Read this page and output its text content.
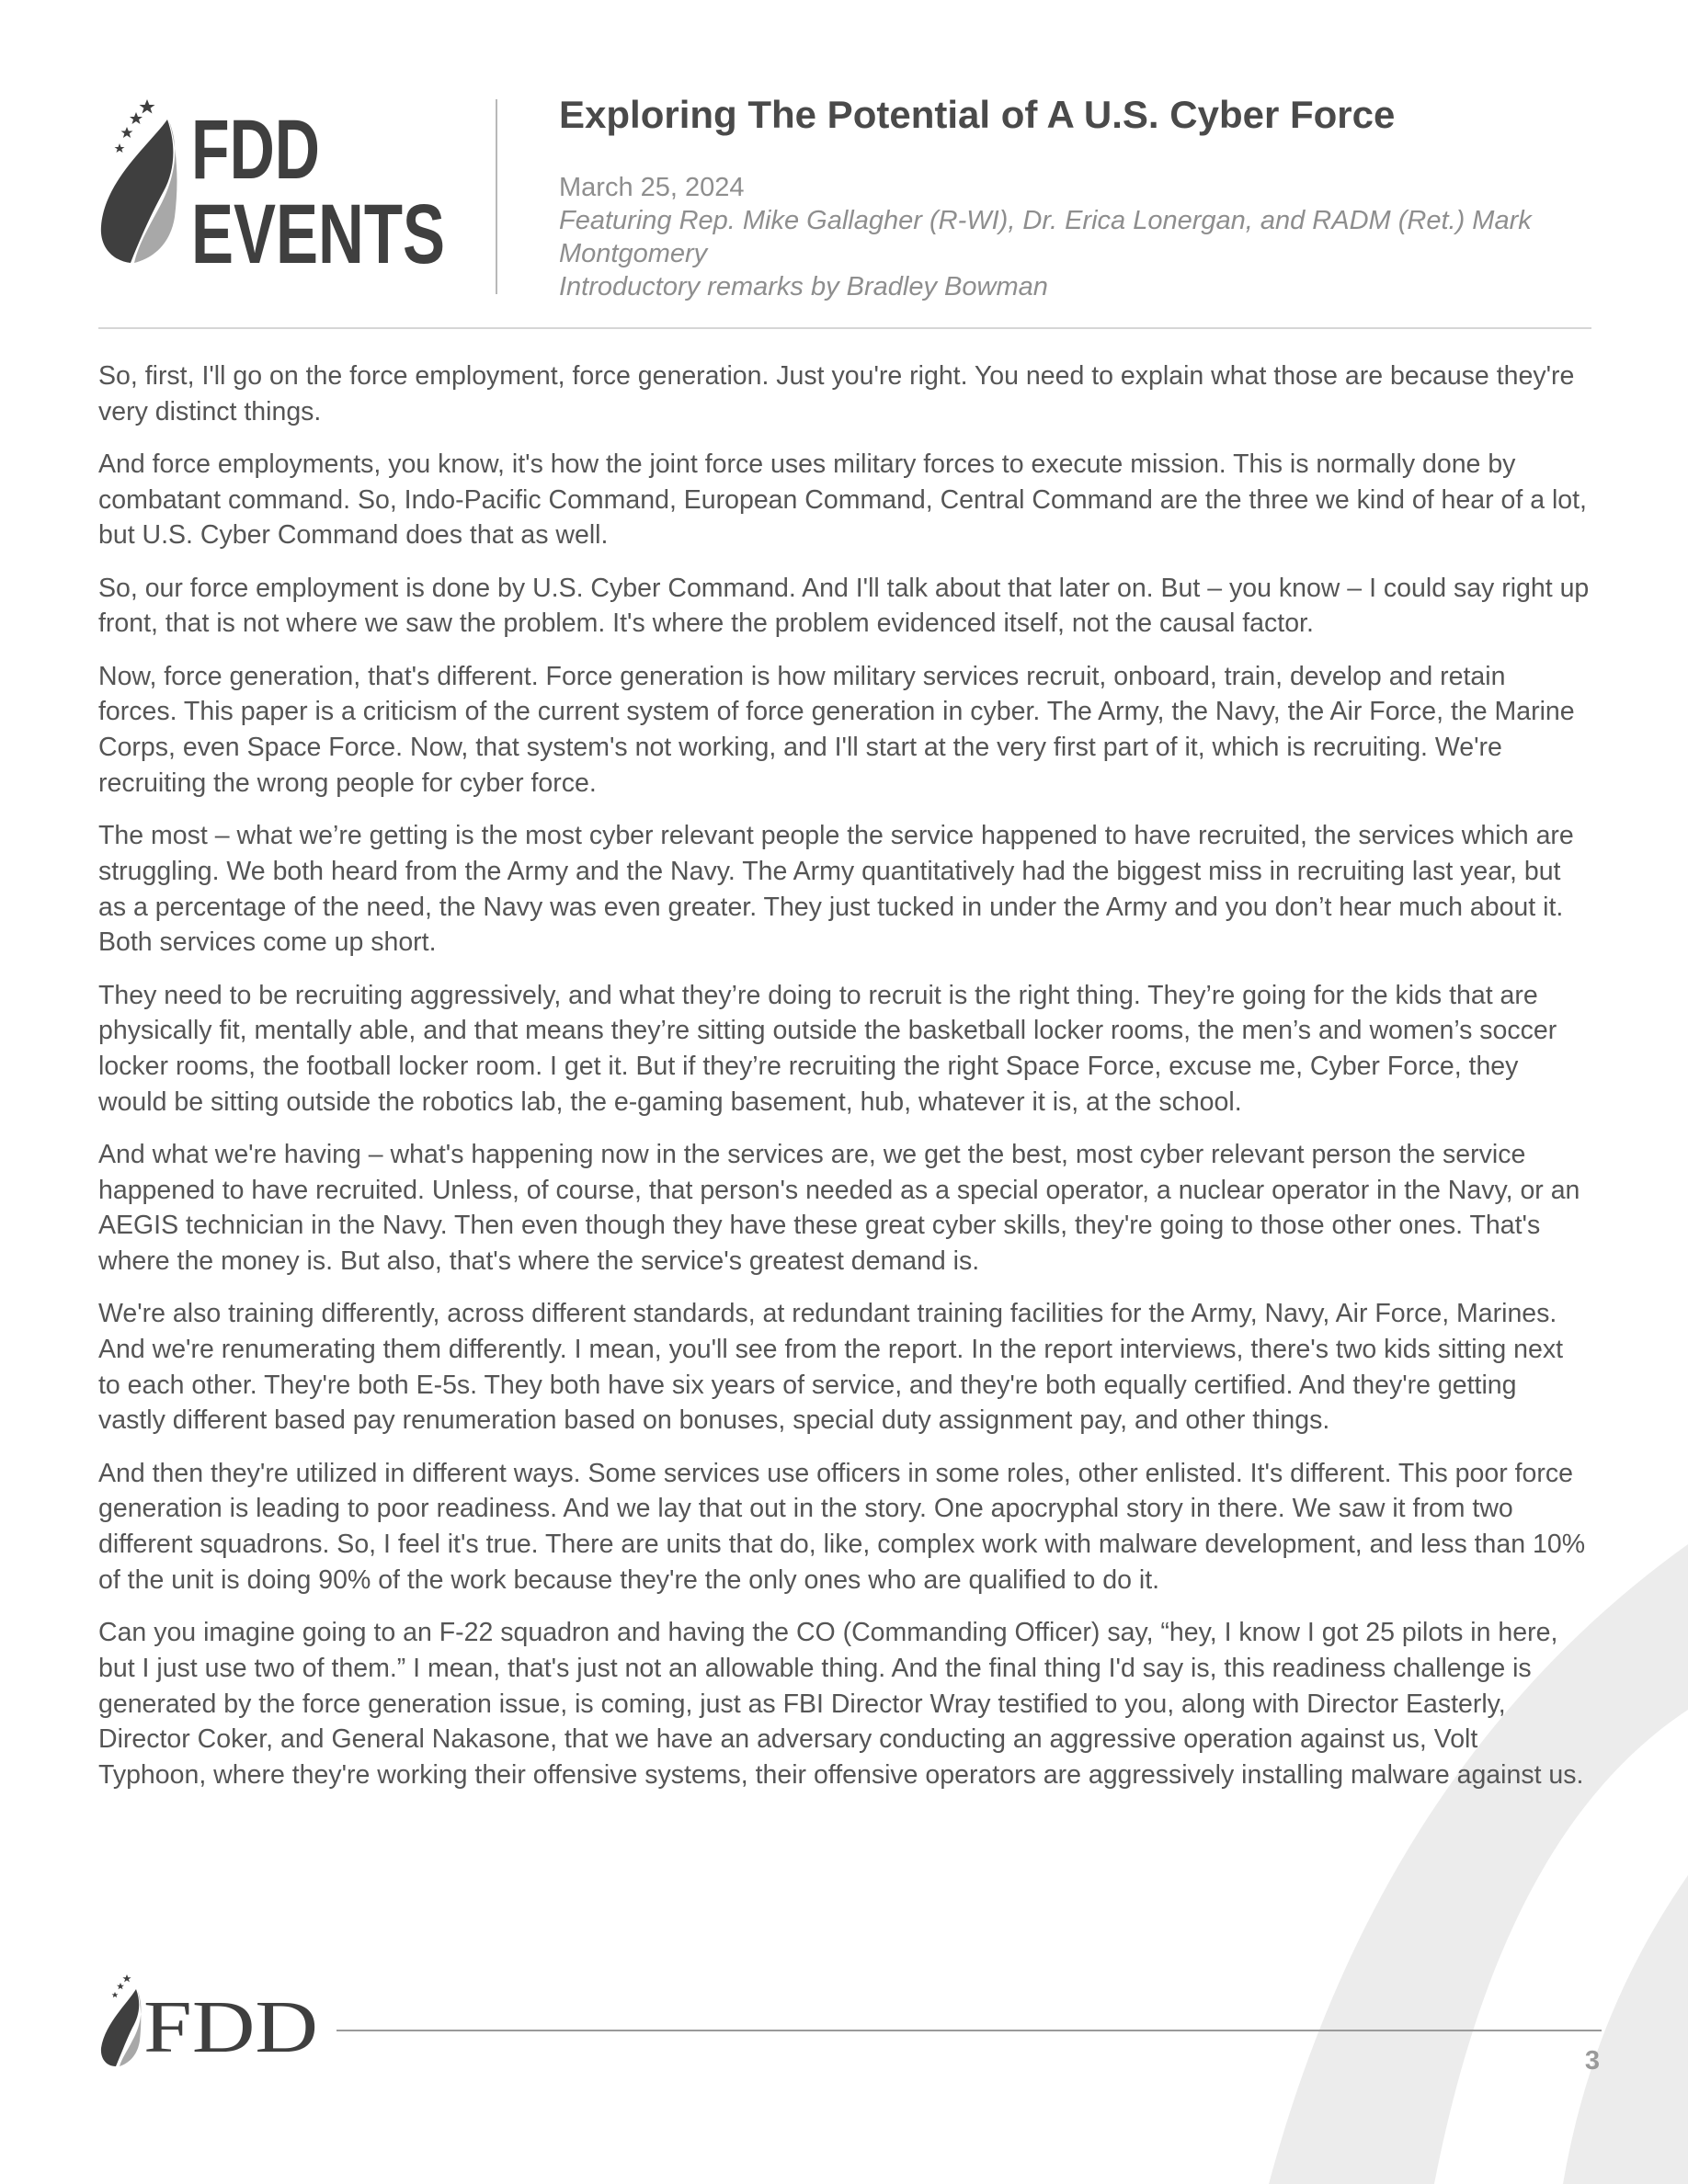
FDD
EVENTS
Exploring The Potential of A U.S. Cyber Force
March 25, 2024
Featuring Rep. Mike Gallagher (R-WI), Dr. Erica Lonergan, and RADM (Ret.) Mark Montgomery
Introductory remarks by Bradley Bowman

So, first, I'll go on the force employment, force generation. Just you're right. You need to explain what those are because they're very distinct things.

And force employments, you know, it's how the joint force uses military forces to execute mission. This is normally done by combatant command. So, Indo-Pacific Command, European Command, Central Command are the three we kind of hear of a lot, but U.S. Cyber Command does that as well.

So, our force employment is done by U.S. Cyber Command. And I'll talk about that later on. But – you know – I could say right up front, that is not where we saw the problem. It's where the problem evidenced itself, not the causal factor.

Now, force generation, that's different. Force generation is how military services recruit, onboard, train, develop and retain forces. This paper is a criticism of the current system of force generation in cyber. The Army, the Navy, the Air Force, the Marine Corps, even Space Force. Now, that system's not working, and I'll start at the very first part of it, which is recruiting. We're recruiting the wrong people for cyber force.

The most – what we’re getting is the most cyber relevant people the service happened to have recruited, the services which are struggling. We both heard from the Army and the Navy. The Army quantitatively had the biggest miss in recruiting last year, but as a percentage of the need, the Navy was even greater. They just tucked in under the Army and you don’t hear much about it. Both services come up short.

They need to be recruiting aggressively, and what they’re doing to recruit is the right thing. They’re going for the kids that are physically fit, mentally able, and that means they’re sitting outside the basketball locker rooms, the men’s and women’s soccer locker rooms, the football locker room. I get it. But if they’re recruiting the right Space Force, excuse me, Cyber Force, they would be sitting outside the robotics lab, the e-gaming basement, hub, whatever it is, at the school.

And what we're having – what's happening now in the services are, we get the best, most cyber relevant person the service happened to have recruited. Unless, of course, that person's needed as a special operator, a nuclear operator in the Navy, or an AEGIS technician in the Navy. Then even though they have these great cyber skills, they're going to those other ones. That's where the money is. But also, that's where the service's greatest demand is.

We're also training differently, across different standards, at redundant training facilities for the Army, Navy, Air Force, Marines. And we're renumerating them differently. I mean, you'll see from the report. In the report interviews, there's two kids sitting next to each other. They're both E-5s. They both have six years of service, and they're both equally certified. And they're getting vastly different based pay renumeration based on bonuses, special duty assignment pay, and other things.

And then they're utilized in different ways. Some services use officers in some roles, other enlisted. It's different. This poor force generation is leading to poor readiness. And we lay that out in the story. One apocryphal story in there. We saw it from two different squadrons. So, I feel it's true. There are units that do, like, complex work with malware development, and less than 10% of the unit is doing 90% of the work because they're the only ones who are qualified to do it.

Can you imagine going to an F-22 squadron and having the CO (Commanding Officer) say, “hey, I know I got 25 pilots in here, but I just use two of them.” I mean, that's just not an allowable thing. And the final thing I'd say is, this readiness challenge is generated by the force generation issue, is coming, just as FBI Director Wray testified to you, along with Director Easterly, Director Coker, and General Nakasone, that we have an adversary conducting an aggressive operation against us, Volt Typhoon, where they're working their offensive systems, their offensive operators are aggressively installing malware against us.

FDD	3
